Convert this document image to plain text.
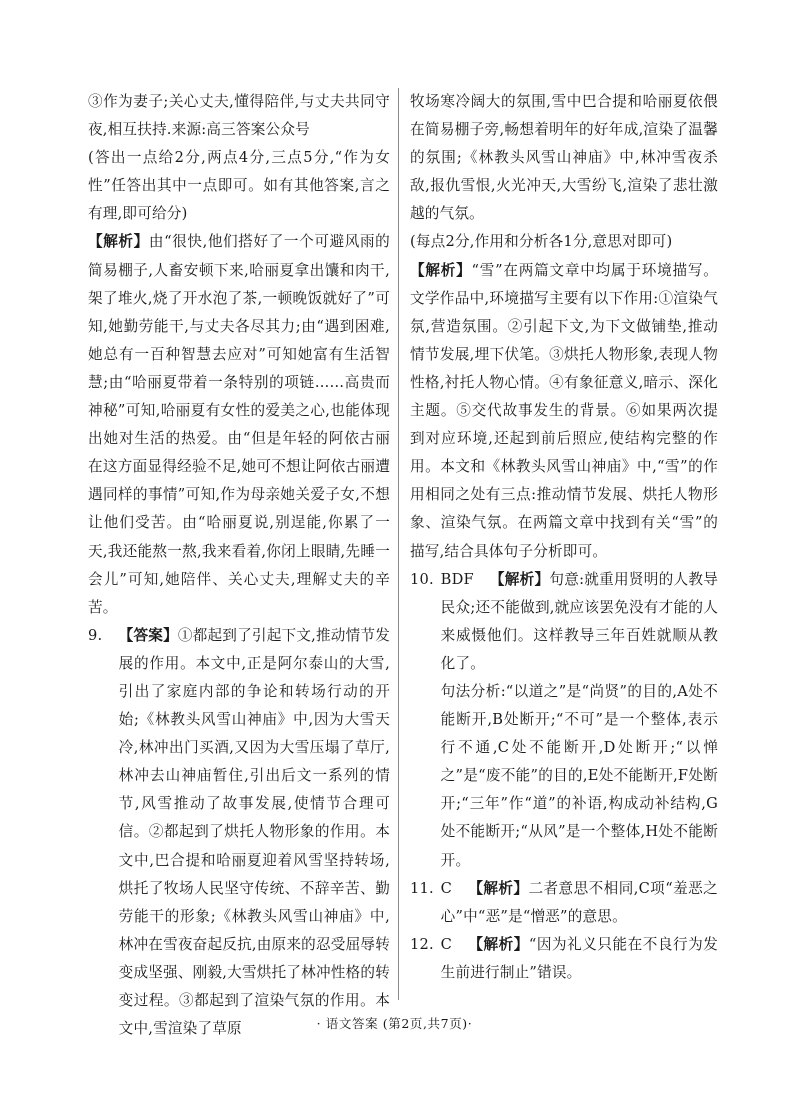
③作为妻子;关心丈夫,懂得陪伴,与丈夫共同守夜,相互扶持.来源:高三答案公众号

(答出一点给2分,两点4分,三点5分,“作为女性”任答出其中一点即可。如有其他答案,言之有理,即可给分)

【解析】由“很快,他们搭好了一个可避风雨的简易棚子,人畜安顿下来,哈丽夏拿出馕和肉干,架了堆火,烧了开水泡了茶,一顿晚饭就好了”可知,她勤劳能干,与丈夫各尽其力;由“遇到困难,她总有一百种智慧去应对”可知她富有生活智慧;由“哈丽夏带着一条特别的项链……高贵而神秘”可知,哈丽夏有女性的爱美之心,也能体现出她对生活的热爱。由“但是年轻的阿依古丽在这方面显得经验不足,她可不想让阿依古丽遭遇同样的事情”可知,作为母亲她关爱子女,不想让他们受苦。由“哈丽夏说,别逞能,你累了一天,我还能熬一熬,我来看着,你闭上眼睛,先睡一会儿”可知,她陪伴、关心丈夫,理解丈夫的辛苦。

9. 【答案】①都起到了引起下文,推动情节发展的作用。本文中,正是阿尔泰山的大雪,引出了家庭内部的争论和转场行动的开始;《林教头风雪山神庙》中,因为大雪天冷,林冲出门买酒,又因为大雪压塌了草厅,林冲去山神庙暂住,引出后文一系列的情节,风雪推动了故事发展,使情节合理可信。②都起到了烘托人物形象的作用。本文中,巴合提和哈丽夏迎着风雪坚持转场,烘托了牧场人民坚守传统、不辞辛苦、勤劳能干的形象;《林教头风雪山神庙》中,林冲在雪夜奋起反抗,由原来的忍受屈辱转变成坚强、刚毅,大雪烘托了林冲性格的转变过程。③都起到了渲染气氛的作用。本文中,雪渲染了草原

牧场寒冷阔大的氛围,雪中巴合提和哈丽夏依偎在简易棚子旁,畅想着明年的好年成,渲染了温馨的氛围;《林教头风雪山神庙》中,林冲雪夜杀敌,报仇雪恨,火光冲天,大雪纷飞,渲染了悲壮激越的气氛。

(每点2分,作用和分析各1分,意思对即可)

【解析】“雪”在两篇文章中均属于环境描写。文学作品中,环境描写主要有以下作用:①渲染气氛,营造氛围。②引起下文,为下文做铺垫,推动情节发展,埋下伏笔。③烘托人物形象,表现人物性格,衬托人物心情。④有象征意义,暗示、深化主题。⑤交代故事发生的背景。⑥如果两次提到对应环境,还起到前后照应,使结构完整的作用。本文和《林教头风雪山神庙》中,“雪”的作用相同之处有三点:推动情节发展、烘托人物形象、渲染气氛。在两篇文章中找到有关“雪”的描写,结合具体句子分析即可。

10. BDF 【解析】句意:就重用贤明的人教导民众;还不能做到,就应该罢免没有才能的人来威慑他们。这样教导三年百姓就顺从教化了。

句法分析:“以道之”是“尚贤”的目的,A处不能断开,B处断开;“不可”是一个整体,表示行不通,C处不能断开,D处断开;“以惮之”是“废不能”的目的,E处不能断开,F处断开;“三年”作“道”的补语,构成动补结构,G处不能断开;“从风”是一个整体,H处不能断开。

11. C 【解析】二者意思不相同,C项“羞恶之心”中“恶”是“憎恶”的意思。

12. C 【解析】“因为礼义只能在不良行为发生前进行制止”错误。

· 语文答案 (第2页,共7页)·
